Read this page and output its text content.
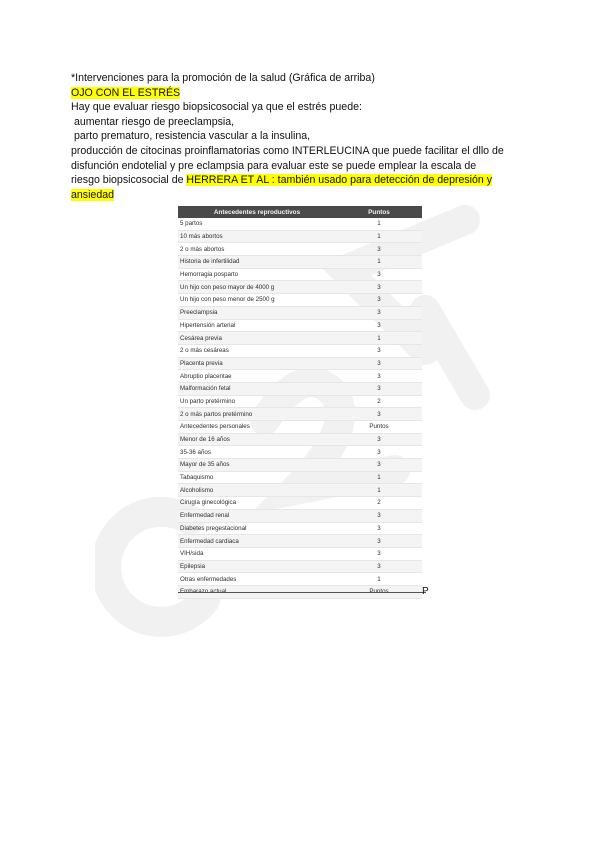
*Intervenciones para la promoción de la salud (Gráfica de arriba)

OJO CON EL ESTRÉS

Hay que evaluar riesgo biopsicosocial ya que el estrés puede:

aumentar riesgo de preeclampsia,

parto prematuro, resistencia vascular a la insulina,

producción de citocinas proinflamatorias como INTERLEUCINA que puede facilitar el dllo de

disfunción endotelial y pre eclampsia para evaluar este se puede emplear la escala de

riesgo biopsicosocial de HERRERA ET AL : también usado para detección de depresión y

ansiedad

Antecedentes reproductivos	Puntos
5 partos	1
10 más abortos	1
2 o más abortos	3
Historia de infertilidad	1
Hemorragia posparto	3
Un hijo con peso mayor de 4000 g	3
Un hijo con peso menor de 2500 g	3
Preeclampsia	3
Hipertensión arterial	3
Cesárea previa	1
2 o más cesáreas	3
Placenta previa	3
Abruptio placentae	3
Malformación fetal	3
Un parto pretérmino	2
2 o más partos pretérmino	3
Antecedentes personales	Puntos
Menor de 16 años	3
35-36 años	3
Mayor de 35 años	3
Tabaquismo	1
Alcoholismo	1
Cirugía ginecológica	2
Enfermedad renal	3
Diabetes pregestacional	3
Enfermedad cardiaca	3
VIH/sida	3
Epilepsia	3
Otras enfermedades	1

P
